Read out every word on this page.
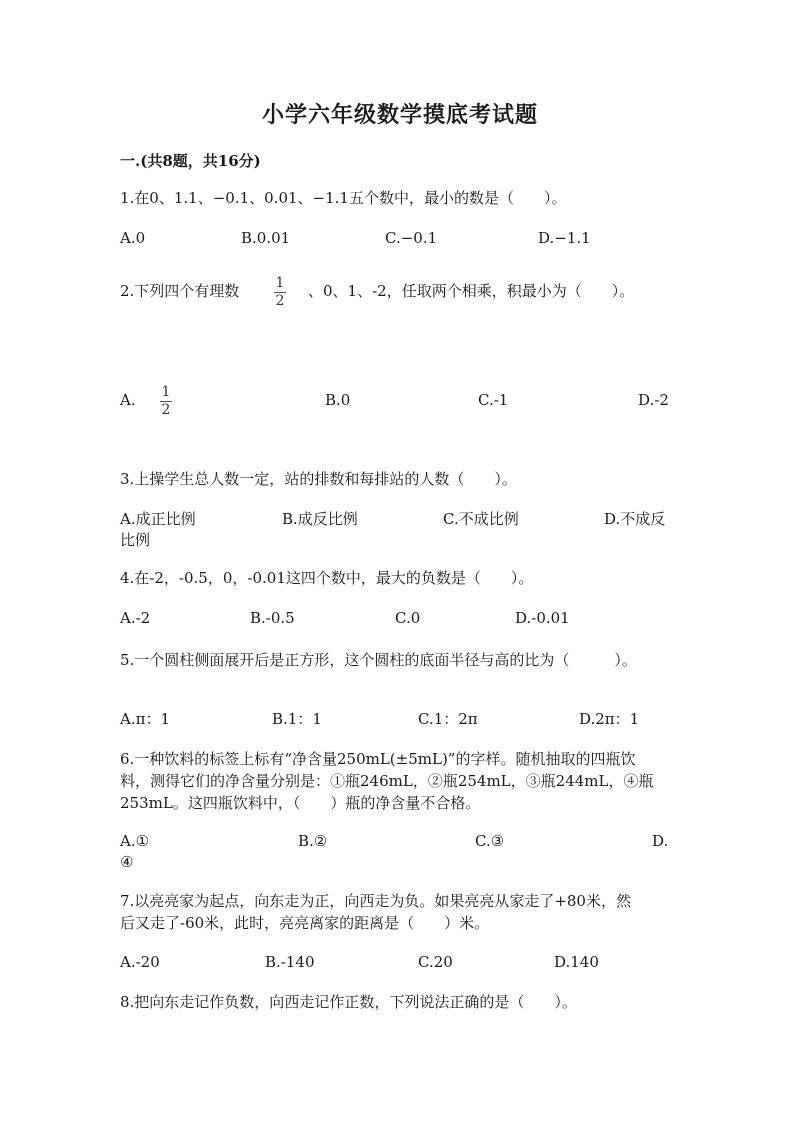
小学六年级数学摸底考试题
一.(共8题，共16分)
1.在0、1.1、−0.1、0.01、−1.1五个数中，最小的数是（　　）。
A.0	B.0.01	C.−0.1	D.−1.1
2.下列四个有理数	1
2
、0、1、-2，任取两个相乘，积最小为（　　）。
A. 1
2
B.0	C.-1	D.-2
3.上操学生总人数一定，站的排数和每排站的人数（　　）。
A.成正比例	B.成反比例	C.不成比例	D.不成反
比例
4.在-2，-0.5，0，-0.01这四个数中，最大的负数是（　　）。
A.-2	B.-0.5	C.0	D.-0.01
5.一个圆柱侧面展开后是正方形，这个圆柱的底面半径与高的比为（　　　）。
A.π：1	B.1：1	C.1：2π	D.2π：1
6.一种饮料的标签上标有“净含量250mL(±5mL)”的字样。随机抽取的四瓶饮
料，测得它们的净含量分别是：①瓶246mL，②瓶254mL，③瓶244mL，④瓶
253mL。这四瓶饮料中，（　　）瓶的净含量不合格。
A.①	B.②	C.③	D.
④
7.以亮亮家为起点，向东走为正，向西走为负。如果亮亮从家走了+80米，然
后又走了-60米，此时，亮亮离家的距离是（　　）米。
A.-20	B.-140	C.20	D.140
8.把向东走记作负数，向西走记作正数，下列说法正确的是（　　）。
